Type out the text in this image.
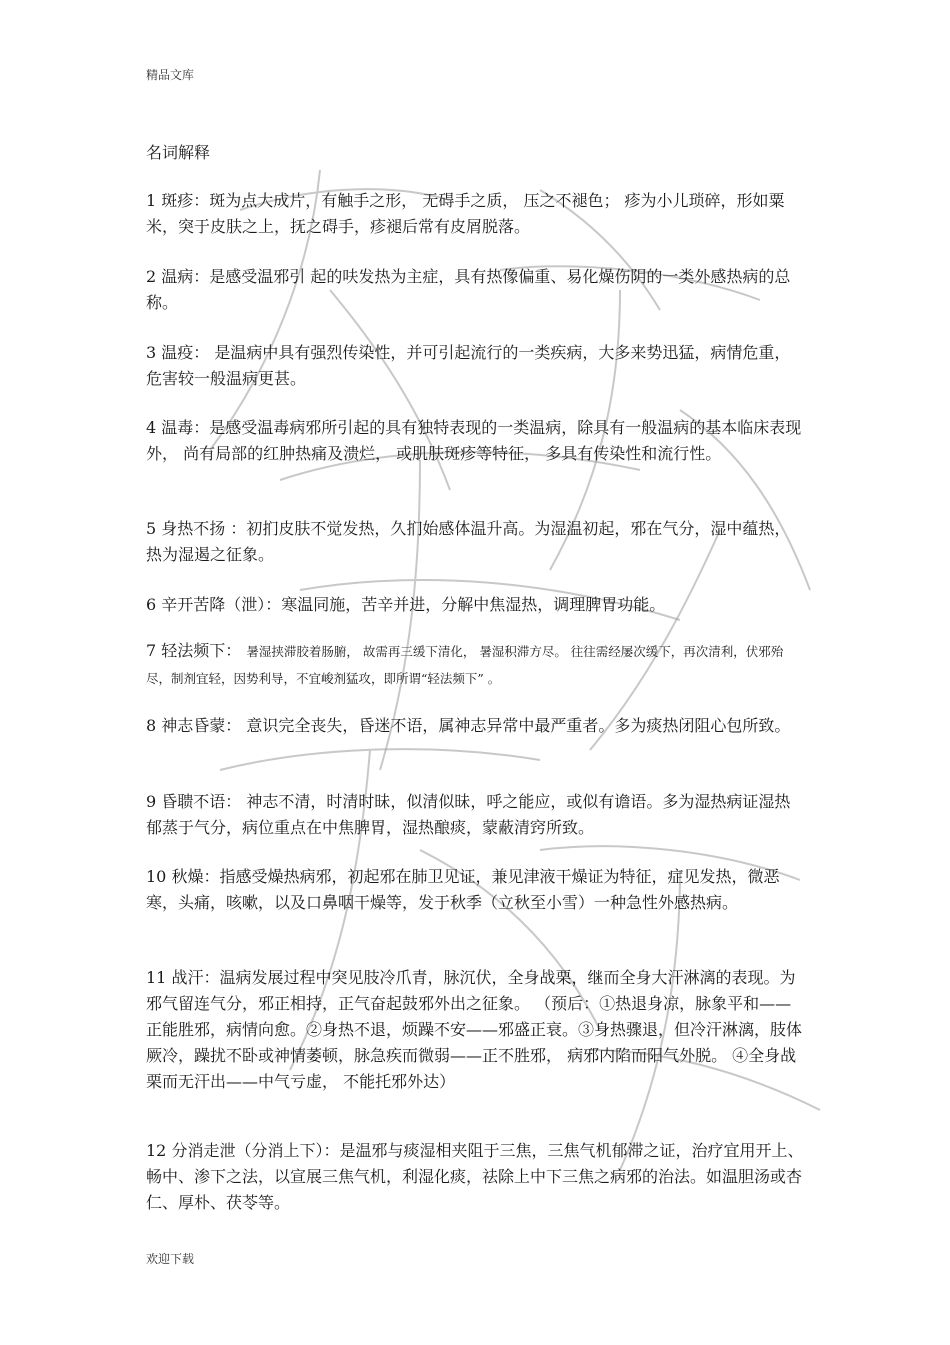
精品文库
名词解释
1 斑疹：斑为点大成片，有触手之形， 无碍手之质， 压之不褪色； 疹为小儿琐碎，形如粟米，突于皮肤之上，抚之碍手，疹褪后常有皮屑脱落。
2 温病：是感受温邪引 起的呋发热为主症，具有热像偏重、易化燥伤阴的一类外感热病的总称。
3 温疫： 是温病中具有强烈传染性，并可引起流行的一类疾病，大多来势迅猛，病情危重，危害较一般温病更甚。
4 温毒：是感受温毒病邪所引起的具有独特表现的一类温病，除具有一般温病的基本临床表现外， 尚有局部的红肿热痛及溃烂， 或肌肤斑疹等特征， 多具有传染性和流行性。
5 身热不扬 ：初扪皮肤不觉发热，久扪始感体温升高。为湿温初起，邪在气分，湿中蕴热，热为湿遏之征象。
6 辛开苦降（泄）：寒温同施，苦辛并进，分解中焦湿热，调理脾胃功能。
7 轻法频下： 暑湿挟滞胶着肠腑， 故需再三缓下清化， 暑湿积滞方尽。 往往需经屡次缓下，再次清利，伏邪殆尽，制剂宜轻，因势利导，不宜峻剂猛攻，即所谓“轻法频下” 。
8 神志昏蒙： 意识完全丧失，昏迷不语，属神志异常中最严重者。多为痰热闭阻心包所致。
9 昏聩不语： 神志不清，时清时昧，似清似昧，呼之能应，或似有谵语。多为湿热病证湿热郁蒸于气分，病位重点在中焦脾胃，湿热酿痰，蒙蔽清窍所致。
10 秋燥：指感受燥热病邪，初起邪在肺卫见证，兼见津液干燥证为特征，症见发热，微恶寒，头痛，咳嗽，以及口鼻咽干燥等，发于秋季（立秋至小雪）一种急性外感热病。
11 战汗：温病发展过程中突见肢冷爪青，脉沉伏，全身战栗，继而全身大汗淋漓的表现。为邪气留连气分，邪正相持，正气奋起鼓邪外出之征象。 （预后：①热退身凉，脉象平和——正能胜邪，病情向愈。②身热不退，烦躁不安——邪盛正衰。③身热骤退，但冷汗淋漓，肢体厥冷，躁扰不卧或神情萎顿，脉急疾而微弱——正不胜邪， 病邪内陷而阳气外脱。 ④全身战栗而无汗出——中气亏虚， 不能托邪外达）
12 分消走泄（分消上下）：是温邪与痰湿相夹阻于三焦，三焦气机郁滞之证，治疗宜用开上、畅中、渗下之法，以宣展三焦气机，利湿化痰，祛除上中下三焦之病邪的治法。如温胆汤或杏仁、厚朴、茯苓等。
欢迎下载
